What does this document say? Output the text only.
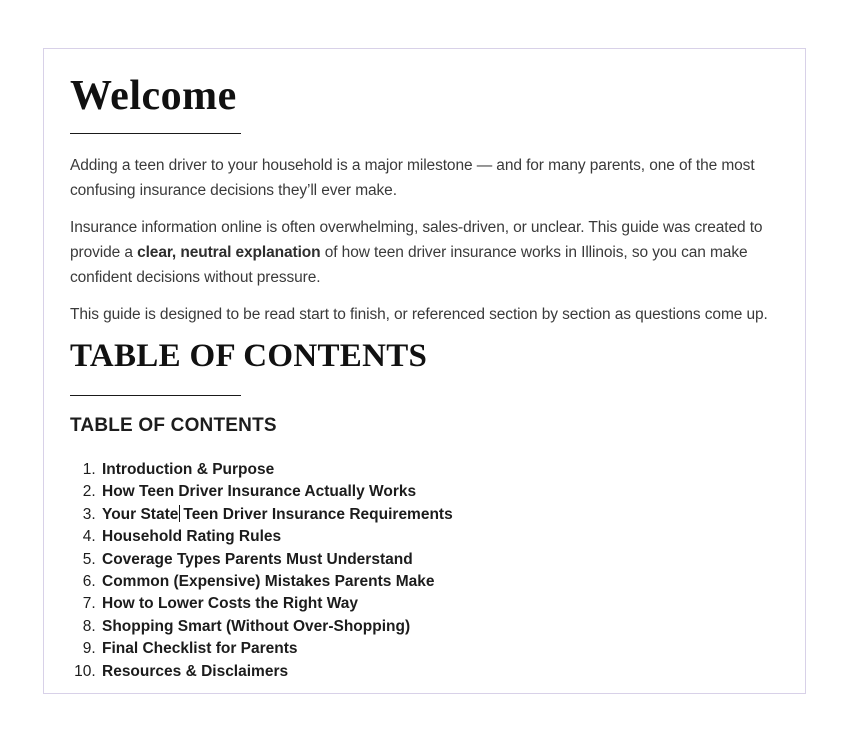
Welcome

Adding a teen driver to your household is a major milestone — and for many parents, one of the most confusing insurance decisions they’ll ever make.

Insurance information online is often overwhelming, sales-driven, or unclear. This guide was created to provide a clear, neutral explanation of how teen driver insurance works in Illinois, so you can make confident decisions without pressure.

This guide is designed to be read start to finish, or referenced section by section as questions come up.

TABLE OF CONTENTS
TABLE OF CONTENTS
1. Introduction & Purpose
2. How Teen Driver Insurance Actually Works
3. Your State Teen Driver Insurance Requirements
4. Household Rating Rules
5. Coverage Types Parents Must Understand
6. Common (Expensive) Mistakes Parents Make
7. How to Lower Costs the Right Way
8. Shopping Smart (Without Over-Shopping)
9. Final Checklist for Parents
10. Resources & Disclaimers
